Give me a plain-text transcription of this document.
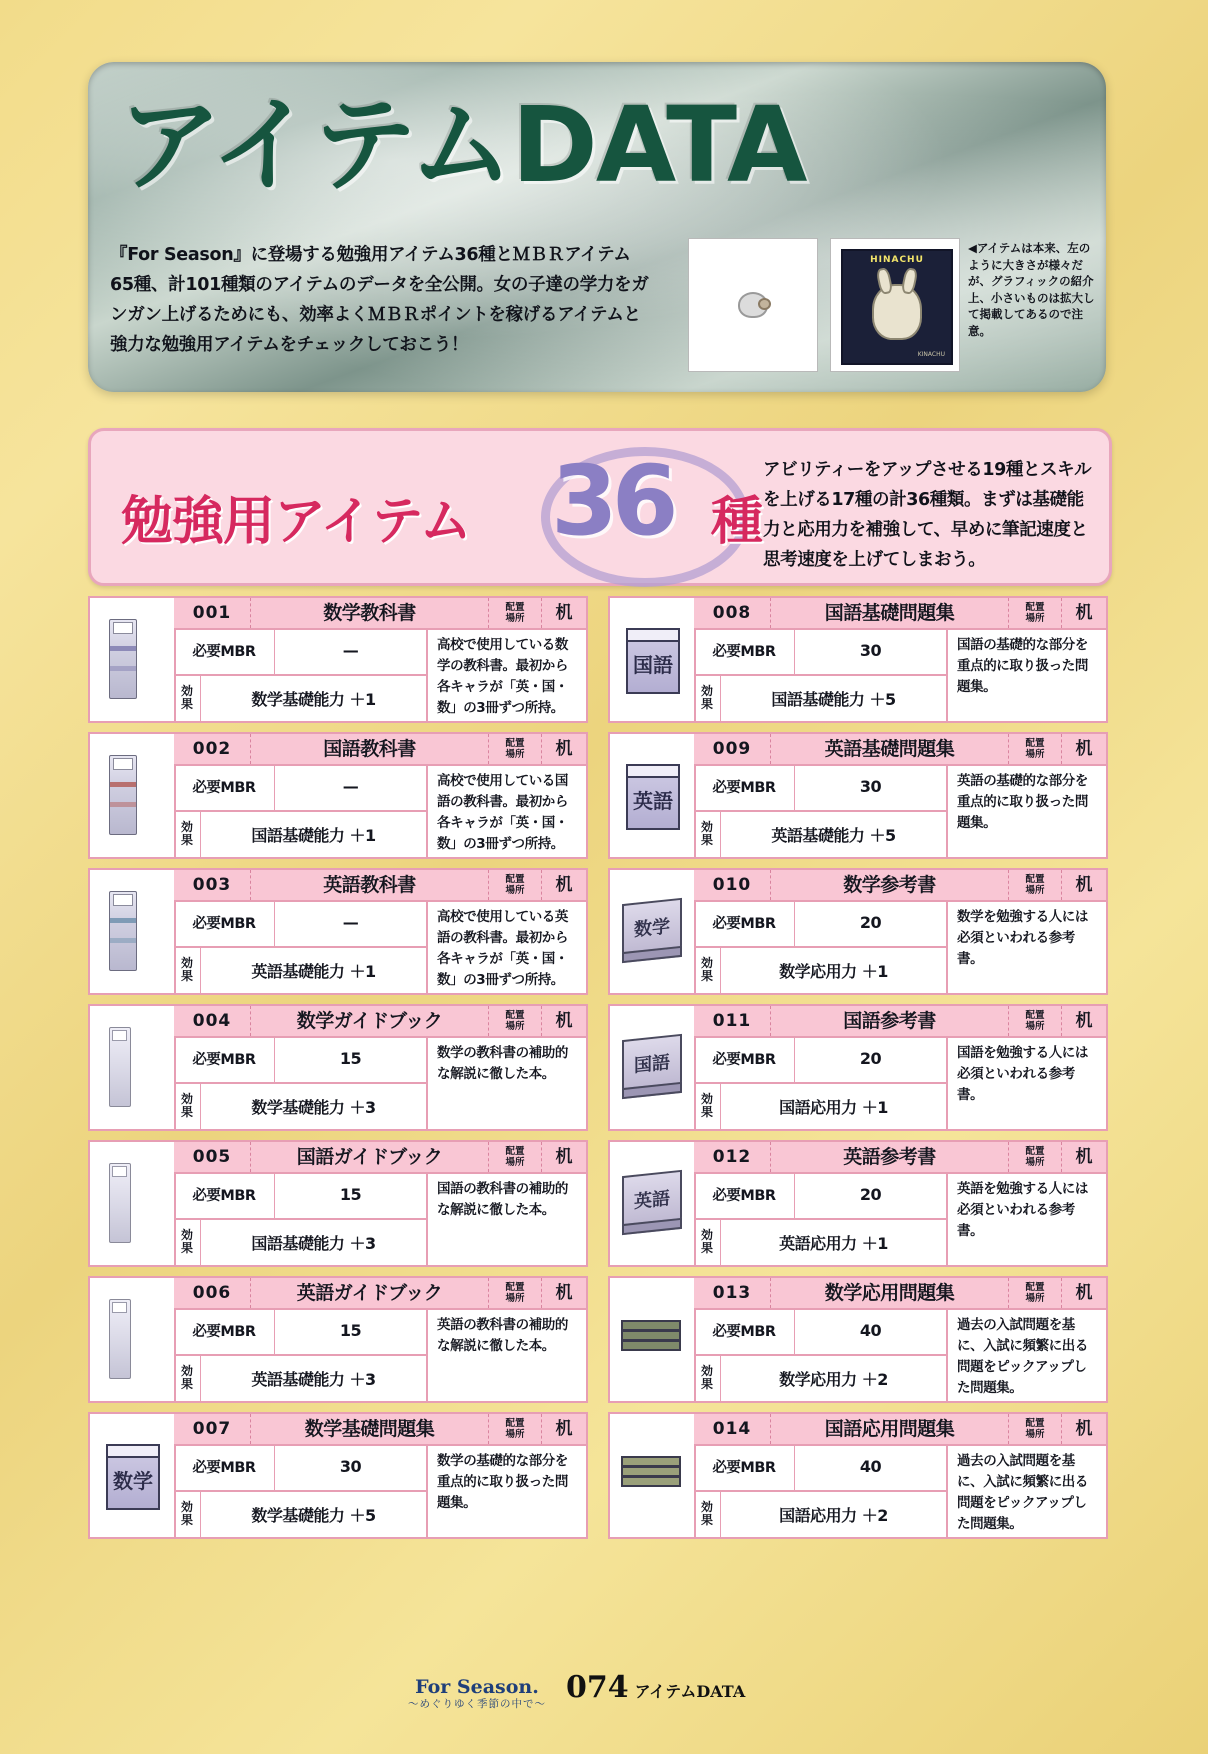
アイテムDATA
『For Season』に登場する勉強用アイテム36種とＭＢＲアイテム65種、計101種類のアイテムのデータを全公開。女の子達の学力をガンガン上げるためにも、効率よくＭＢＲポイントを稼げるアイテムと強力な勉強用アイテムをチェックしておこう！
HINACHU
KINACHU
◀アイテムは本来、左のように大きさが様々だが、グラフィックの紹介上、小さいものは拡大して掲載してあるので注意。
勉強用アイテム 36 種
アビリティーをアップさせる19種とスキルを上げる17種の計36種類。まずは基礎能力と応用力を補強して、早めに筆記速度と思考速度を上げてしまおう。
001	数学教科書	配置
場所	机
必要MBR	—
効
果	数学基礎能力 ＋1
高校で使用している数学の教科書。最初から各キャラが「英・国・数」の3冊ずつ所持。
002	国語教科書	配置
場所	机
必要MBR	—
効
果	国語基礎能力 ＋1
高校で使用している国語の教科書。最初から各キャラが「英・国・数」の3冊ずつ所持。
003	英語教科書	配置
場所	机
必要MBR	—
効
果	英語基礎能力 ＋1
高校で使用している英語の教科書。最初から各キャラが「英・国・数」の3冊ずつ所持。
004	数学ガイドブック	配置
場所	机
必要MBR	15
効
果	数学基礎能力 ＋3
数学の教科書の補助的な解説に徹した本。
005	国語ガイドブック	配置
場所	机
必要MBR	15
効
果	国語基礎能力 ＋3
国語の教科書の補助的な解説に徹した本。
006	英語ガイドブック	配置
場所	机
必要MBR	15
効
果	英語基礎能力 ＋3
英語の教科書の補助的な解説に徹した本。
数学
007	数学基礎問題集	配置
場所	机
必要MBR	30
効
果	数学基礎能力 ＋5
数学の基礎的な部分を重点的に取り扱った問題集。
国語
008	国語基礎問題集	配置
場所	机
必要MBR	30
効
果	国語基礎能力 ＋5
国語の基礎的な部分を重点的に取り扱った問題集。
英語
009	英語基礎問題集	配置
場所	机
必要MBR	30
効
果	英語基礎能力 ＋5
英語の基礎的な部分を重点的に取り扱った問題集。
数学
010	数学参考書	配置
場所	机
必要MBR	20
効
果	数学応用力 ＋1
数学を勉強する人には必須といわれる参考書。
国語
011	国語参考書	配置
場所	机
必要MBR	20
効
果	国語応用力 ＋1
国語を勉強する人には必須といわれる参考書。
英語
012	英語参考書	配置
場所	机
必要MBR	20
効
果	英語応用力 ＋1
英語を勉強する人には必須といわれる参考書。
013	数学応用問題集	配置
場所	机
必要MBR	40
効
果	数学応用力 ＋2
過去の入試問題を基に、入試に頻繁に出る問題をピックアップした問題集。
014	国語応用問題集	配置
場所	机
必要MBR	40
効
果	国語応用力 ＋2
過去の入試問題を基に、入試に頻繁に出る問題をピックアップした問題集。
For Season.
～めぐりゆく季節の中で～ 074 アイテムDATA
